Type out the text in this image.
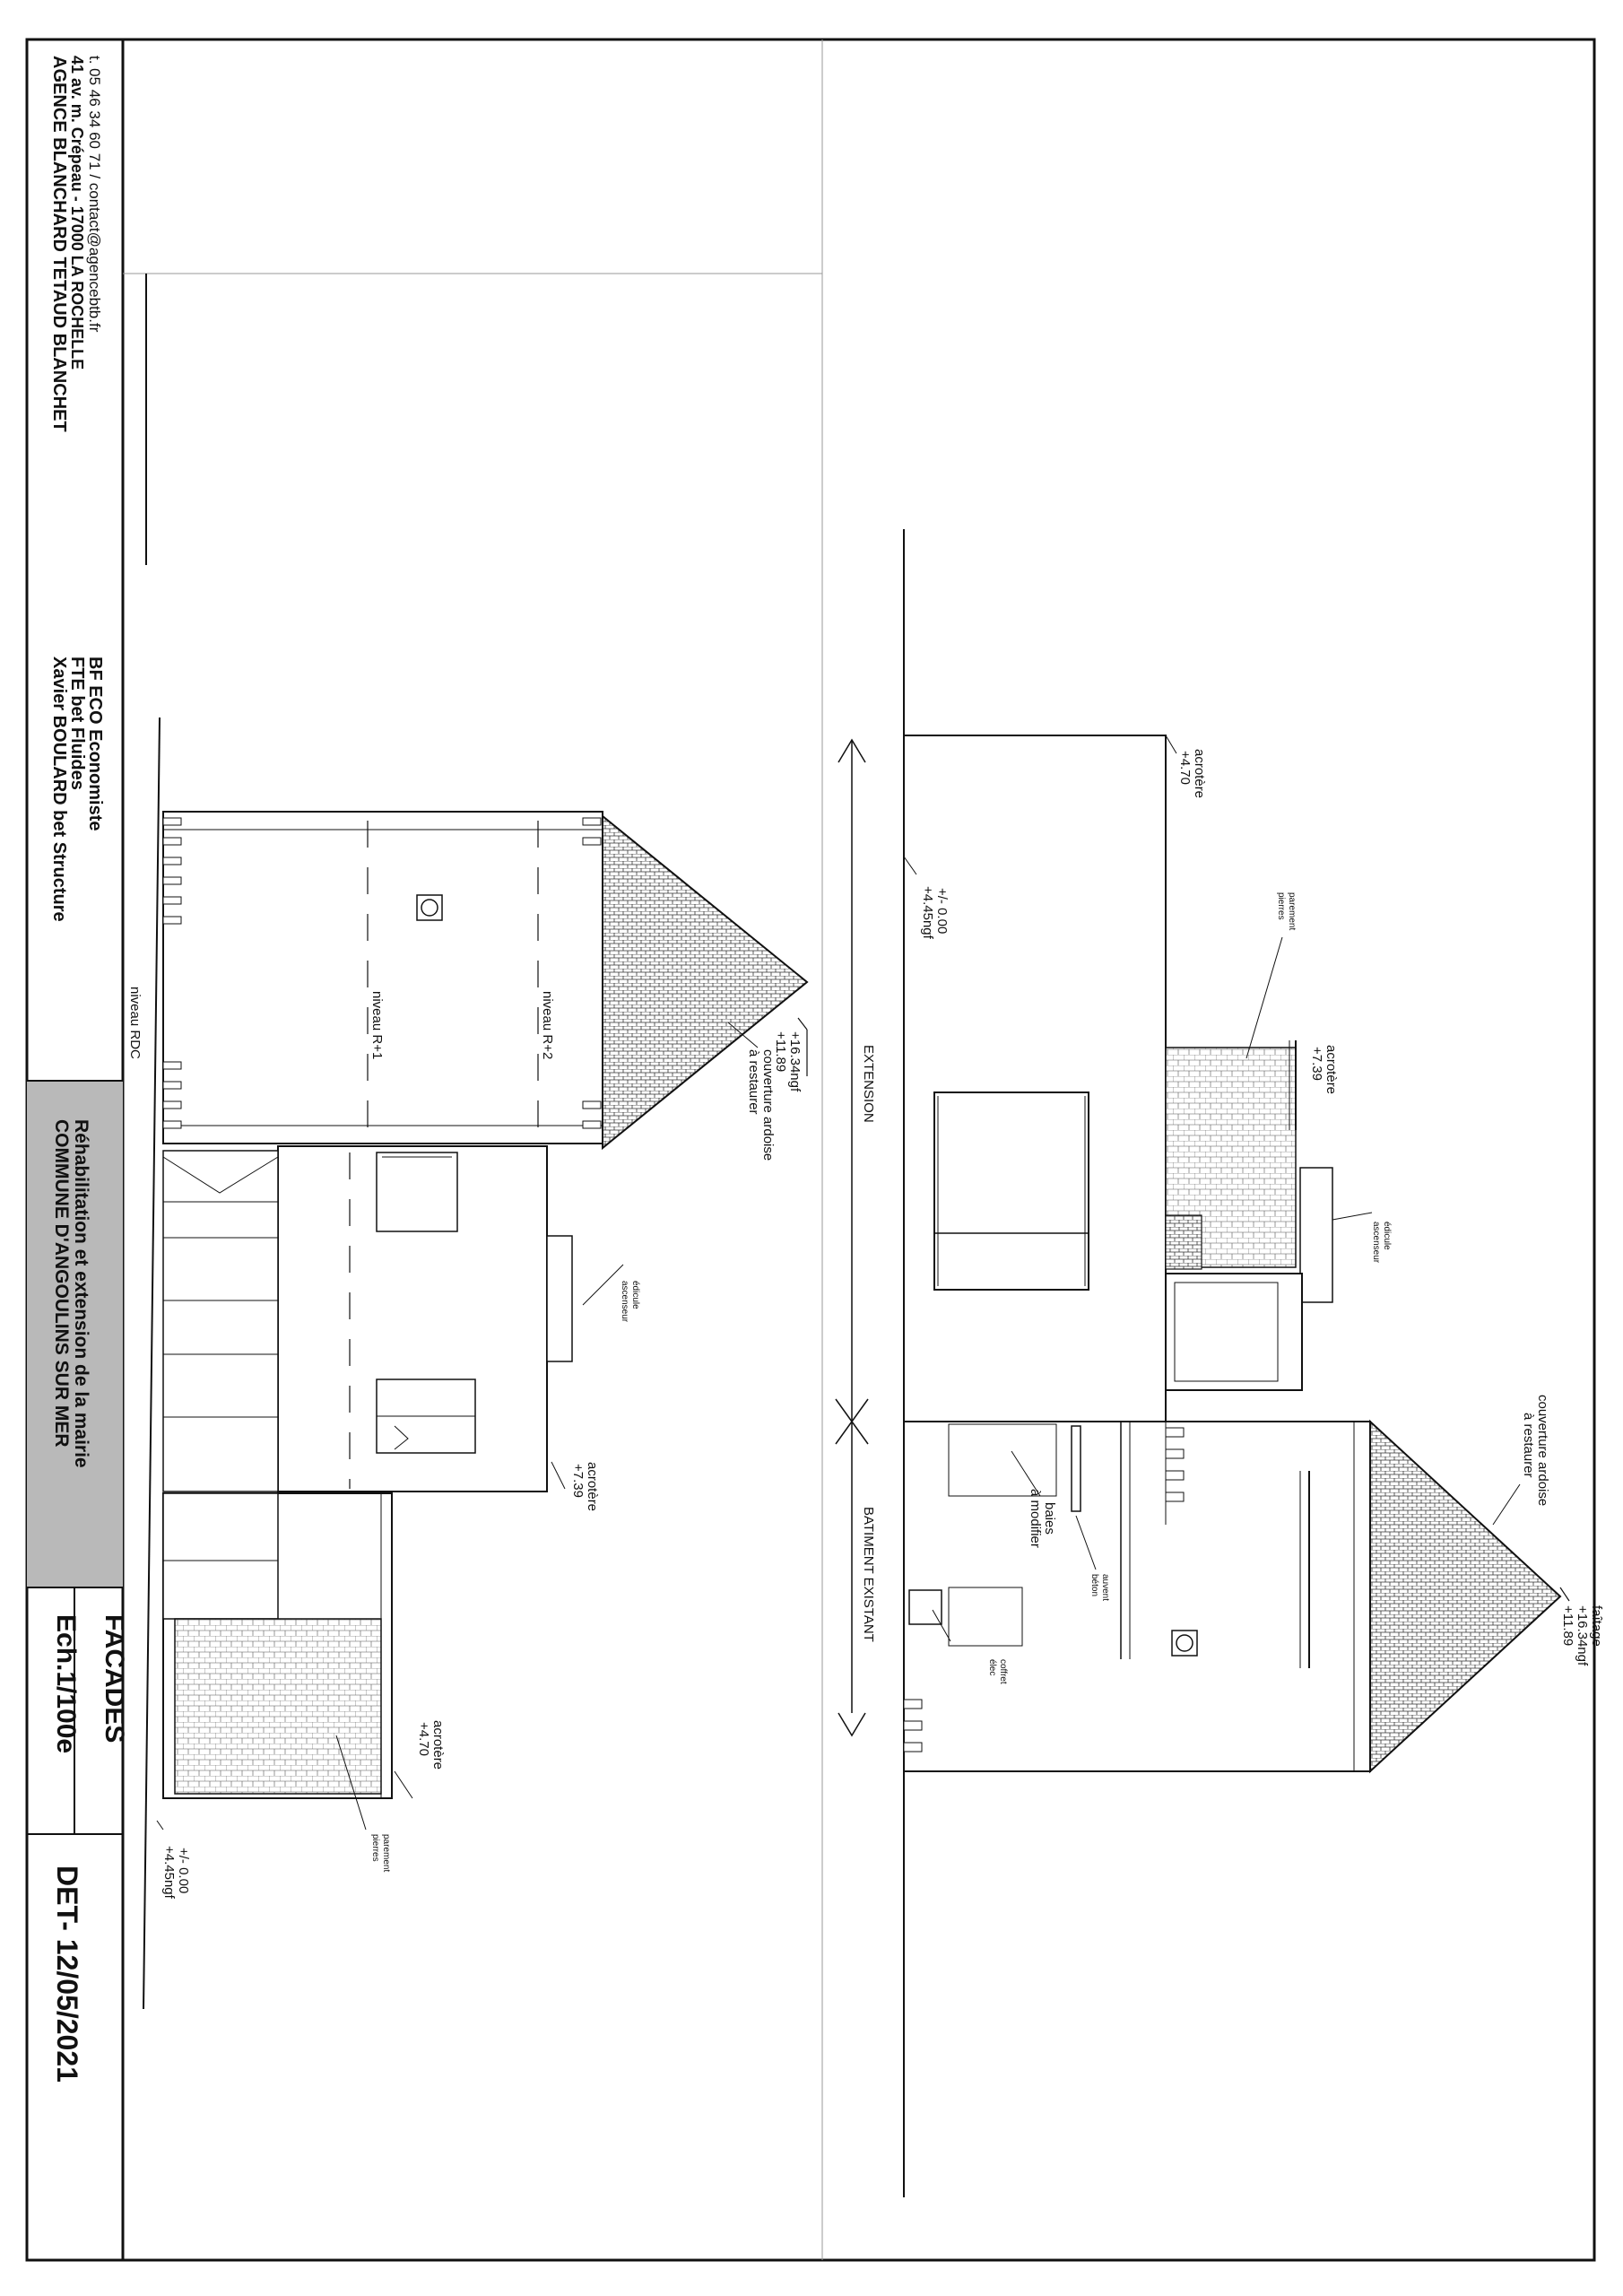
AGENCE BLANCHARD TETAUD BLANCHET 41 av. m. Crépeau - 17000 LA ROCHELLE t. 05 46 34 60 71 / contact@agencebtb.fr
Xavier BOULARD bet Structure
FTE bet Fluides
BF ECO Economiste
COMMUNE D'ANGOULINS SUR MER Réhabilitation et extension de la mairie
Ech.1/100e FACADES
DET- 12/05/2021
niveau R+2
niveau R+1
niveau RDC
+16.34ngf
+11.89
couverture ardoise
à restaurer
édicule
ascenseur
acrotère
+7.39
acrotère
+4.70
parement
pierres
+/- 0.00
+4.45ngf
acrotère
+4.70
+/- 0.00
+4.45ngf	parement
pierres
acrotère
+7.39
édicule
ascenseur
baies
à modifier
auvent
béton
coffret
élec
couverture ardoise
à restaurer
faîtage
+16.34ngf
+11.89
EXTENSION
BATIMENT EXISTANT
